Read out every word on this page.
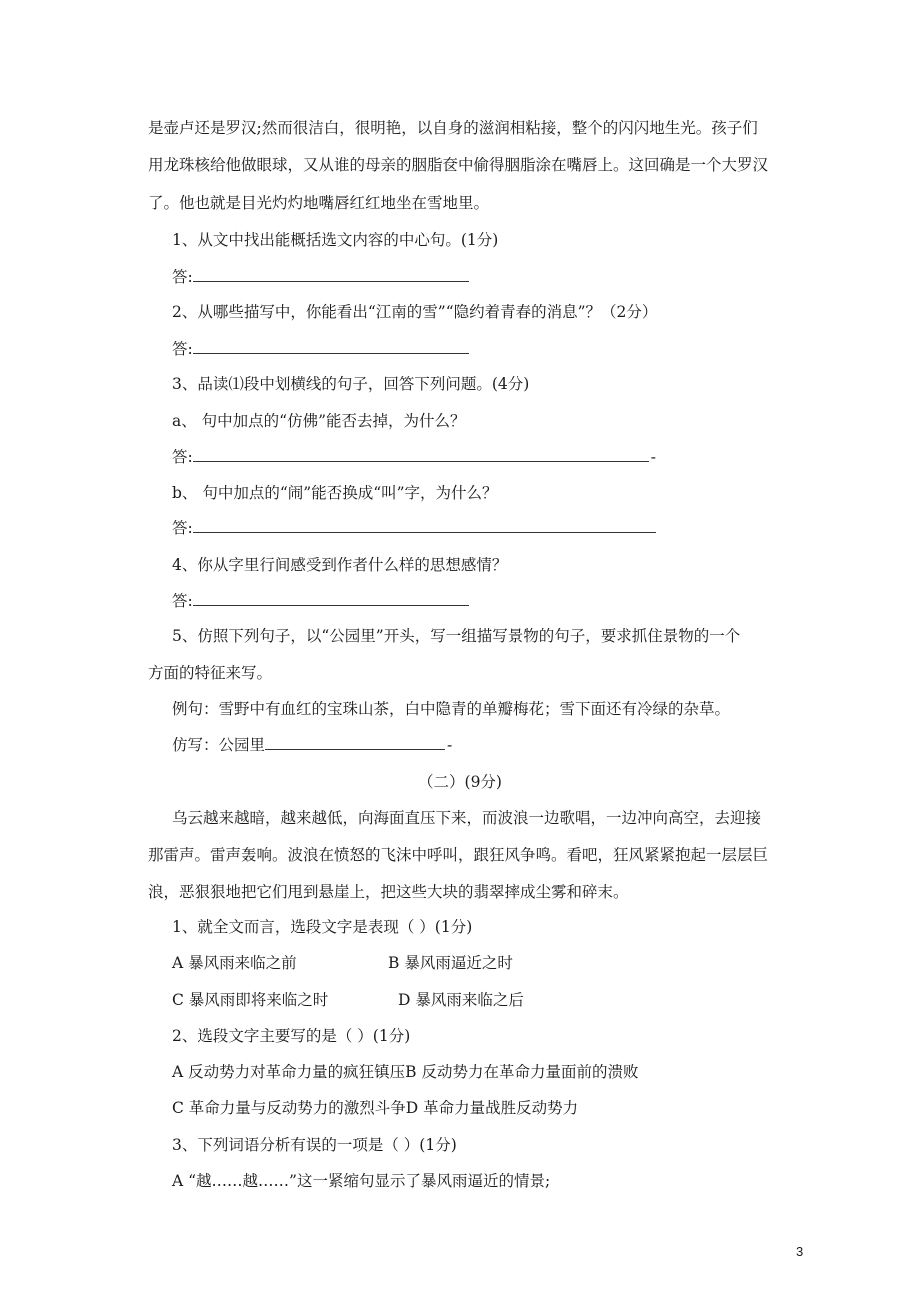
是壶卢还是罗汉;然而很洁白，很明艳，以自身的滋润相粘接，整个的闪闪地生光。孩子们
用龙珠核给他做眼球，又从谁的母亲的胭脂奁中偷得胭脂涂在嘴唇上。这回确是一个大罗汉
了。他也就是目光灼灼地嘴唇红红地坐在雪地里。
1、从文中找出能概括选文内容的中心句。(1分)
答:
2、从哪些描写中，你能看出“江南的雪”“隐约着青春的消息”？（2分）
答:
3、品读⑴段中划横线的句子，回答下列问题。(4分)
a、 句中加点的“仿佛”能否去掉，为什么？
答:	-
b、 句中加点的“闹”能否换成“叫”字，为什么？
答:
4、你从字里行间感受到作者什么样的思想感情？
答:
5、仿照下列句子，以“公园里”开头，写一组描写景物的句子，要求抓住景物的一个
方面的特征来写。
例句：雪野中有血红的宝珠山茶，白中隐青的单瓣梅花；雪下面还有冷绿的杂草。
仿写：公园里	-
（二）(9分)
乌云越来越暗，越来越低，向海面直压下来，而波浪一边歌唱，一边冲向高空，去迎接
那雷声。雷声轰响。波浪在愤怒的飞沫中呼叫，跟狂风争鸣。看吧，狂风紧紧抱起一层层巨
浪，恶狠狠地把它们甩到悬崖上，把这些大块的翡翠摔成尘雾和碎末。
1、就全文而言，选段文字是表现（ ）(1分)
A 暴风雨来临之前	B 暴风雨逼近之时
C 暴风雨即将来临之时	D 暴风雨来临之后
2、选段文字主要写的是（ ）(1分)
A 反动势力对革命力量的疯狂镇压B 反动势力在革命力量面前的溃败
C 革命力量与反动势力的激烈斗争D 革命力量战胜反动势力
3、下列词语分析有误的一项是（ ）(1分)
A “越……越……”这一紧缩句显示了暴风雨逼近的情景;
3
